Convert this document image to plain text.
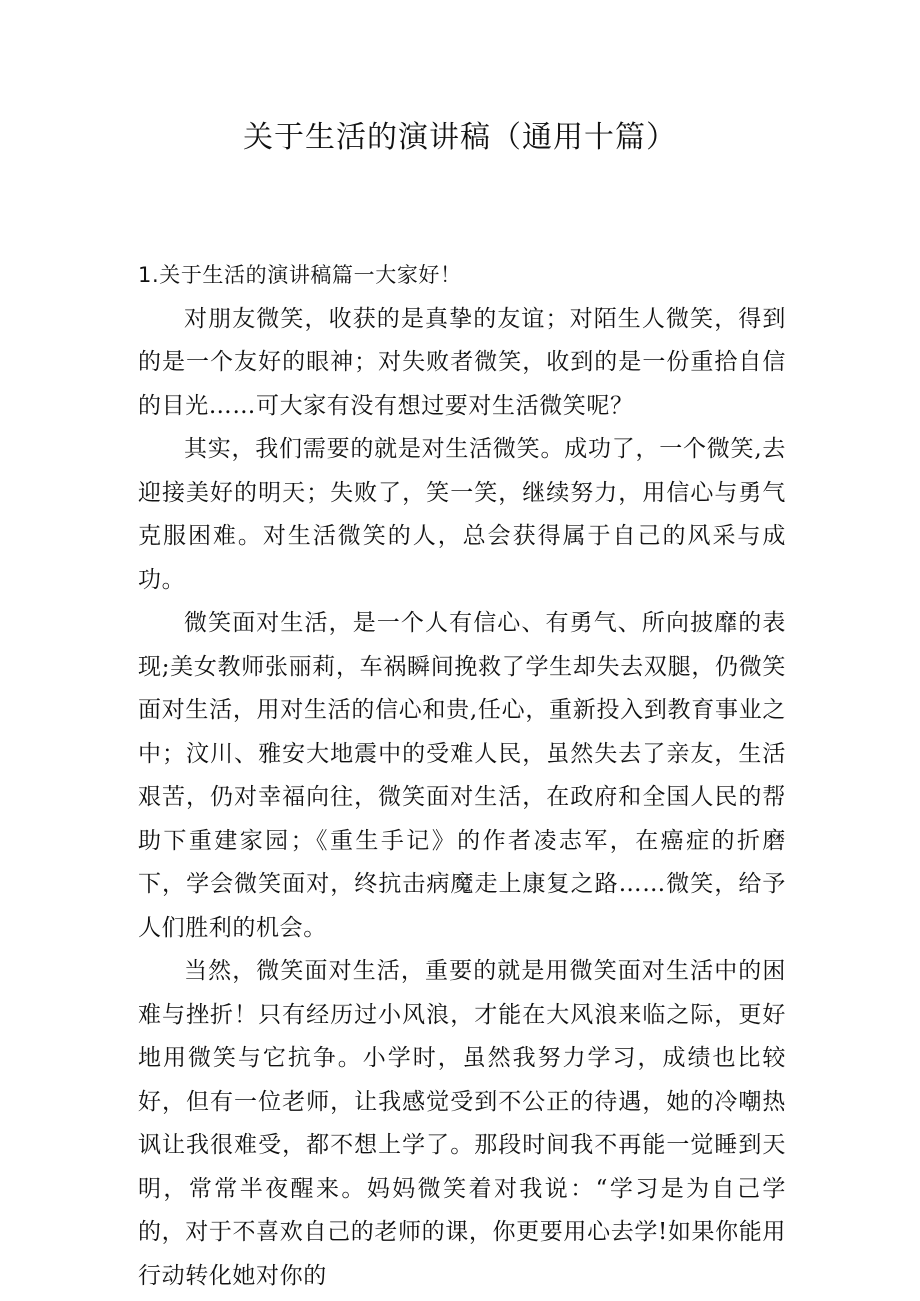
关于生活的演讲稿（通用十篇）

1.关于生活的演讲稿篇一大家好！

对朋友微笑，收获的是真挚的友谊；对陌生人微笑，得到的是一个友好的眼神；对失败者微笑，收到的是一份重拾自信的目光……可大家有没有想过要对生活微笑呢？

其实，我们需要的就是对生活微笑。成功了，一个微笑,去迎接美好的明天；失败了，笑一笑，继续努力，用信心与勇气克服困难。对生活微笑的人，总会获得属于自己的风采与成功。

微笑面对生活，是一个人有信心、有勇气、所向披靡的表现;美女教师张丽莉，车祸瞬间挽救了学生却失去双腿，仍微笑面对生活，用对生活的信心和贵,任心，重新投入到教育事业之中；汶川、雅安大地震中的受难人民，虽然失去了亲友，生活艰苦，仍对幸福向往，微笑面对生活，在政府和全国人民的帮助下重建家园；《重生手记》的作者凌志军，在癌症的折磨下，学会微笑面对，终抗击病魔走上康复之路……微笑，给予人们胜利的机会。

当然，微笑面对生活，重要的就是用微笑面对生活中的困难与挫折！只有经历过小风浪，才能在大风浪来临之际，更好地用微笑与它抗争。小学时，虽然我努力学习，成绩也比较好，但有一位老师，让我感觉受到不公正的待遇，她的冷嘲热讽让我很难受，都不想上学了。那段时间我不再能一觉睡到天明，常常半夜醒来。妈妈微笑着对我说：“学习是为自己学的，对于不喜欢自己的老师的课，你更要用心去学!如果你能用行动转化她对你的
